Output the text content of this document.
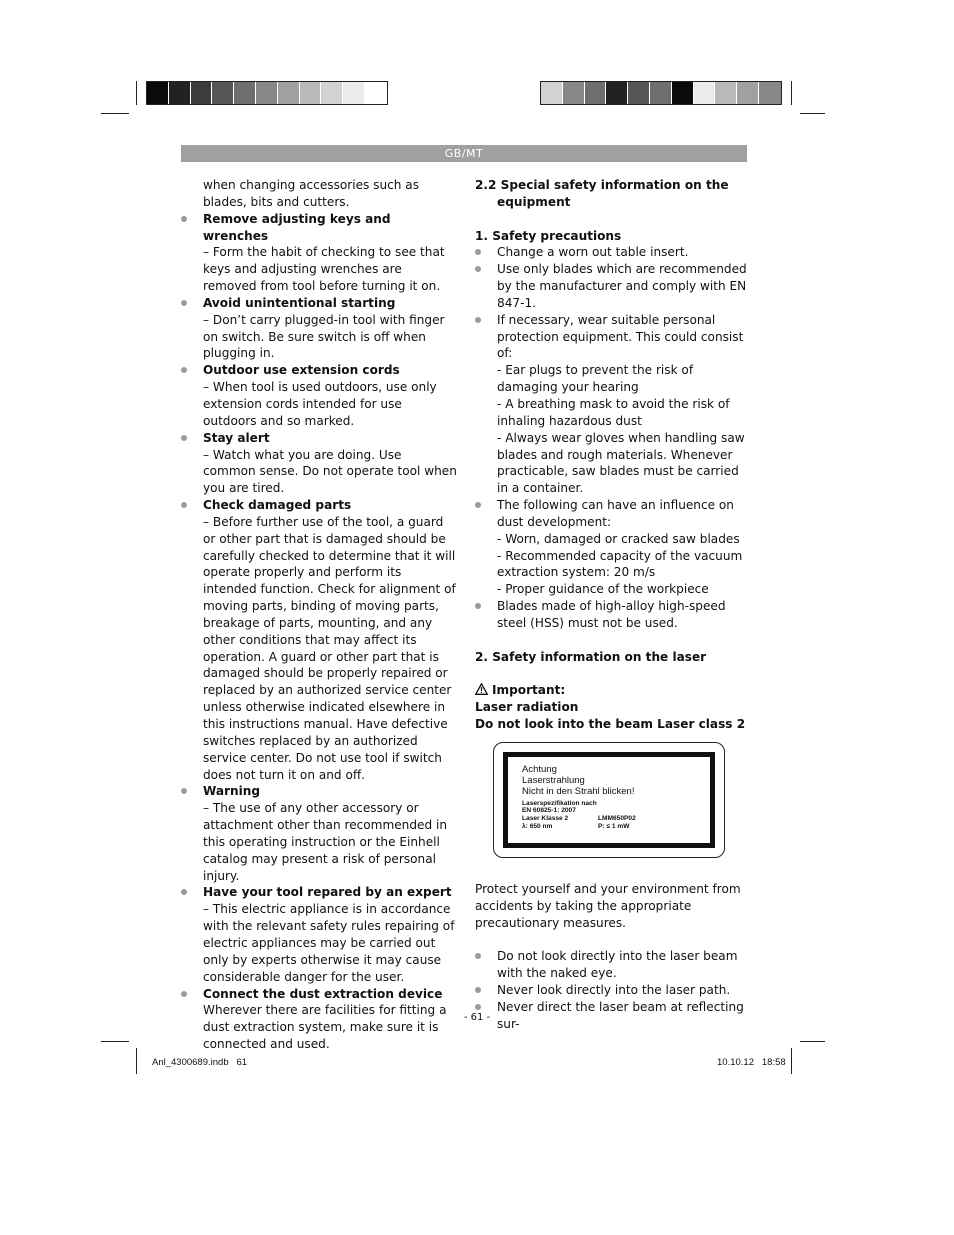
GB/MT
when changing accessories such as blades, bits and cutters.
Remove adjusting keys and wrenches
– Form the habit of checking to see that keys and adjusting wrenches are removed from tool before turning it on.
Avoid unintentional starting
– Don’t carry plugged-in tool with finger on switch. Be sure switch is off when plugging in.
Outdoor use extension cords
– When tool is used outdoors, use only extension cords intended for use outdoors and so marked.
Stay alert
– Watch what you are doing. Use common sense. Do not operate tool when you are tired.
Check damaged parts
– Before further use of the tool, a guard or other part that is damaged should be carefully checked to determine that it will operate properly and perform its intended function. Check for alignment of moving parts, binding of moving parts, breakage of parts, mounting, and any other conditions that may affect its operation. A guard or other part that is damaged should be properly repaired or replaced by an authorized service center unless otherwise indicated elsewhere in this instructions manual. Have defective switches replaced by an authorized service center. Do not use tool if switch does not turn it on and off.
Warning
– The use of any other accessory or attachment other than recommended in this operating instruction or the Einhell catalog may present a risk of personal injury.
Have your tool repared by an expert
– This electric appliance is in accordance with the relevant safety rules repairing of electric appliances may be carried out only by experts otherwise it may cause considerable danger for the user.
Connect the dust extraction device
Wherever there are facilities for fitting a dust extraction system, make sure it is connected and used.
2.2 Special safety information on the equipment
1. Safety precautions
Change a worn out table insert.
Use only blades which are recommended by the manufacturer and comply with EN 847-1.
If necessary, wear suitable personal protection equipment. This could consist of:
- Ear plugs to prevent the risk of damaging your hearing
- A breathing mask to avoid the risk of inhaling hazardous dust
- Always wear gloves when handling saw blades and rough materials. Whenever practicable, saw blades must be carried in a container.
The following can have an influence on dust development:
- Worn, damaged or cracked saw blades
- Recommended capacity of the vacuum extraction system: 20 m/s
- Proper guidance of the workpiece
Blades made of high-alloy high-speed steel (HSS) must not be used.
2. Safety information on the laser
Important:
Laser radiation
Do not look into the beam Laser class 2
Achtung
Laserstrahlung
Nicht in den Strahl blicken!
Laserspezifikation nach
EN 60825-1: 2007
Laser Klasse 2	LMM650P02
λ: 650 nm	P: ≤ 1 mW
Protect yourself and your environment from accidents by taking the appropriate precautionary measures.
Do not look directly into the laser beam with the naked eye.
Never look directly into the laser path.
Never direct the laser beam at reflecting sur-
- 61 -
Anl_4300689.indb   61	10.10.12   18:58
